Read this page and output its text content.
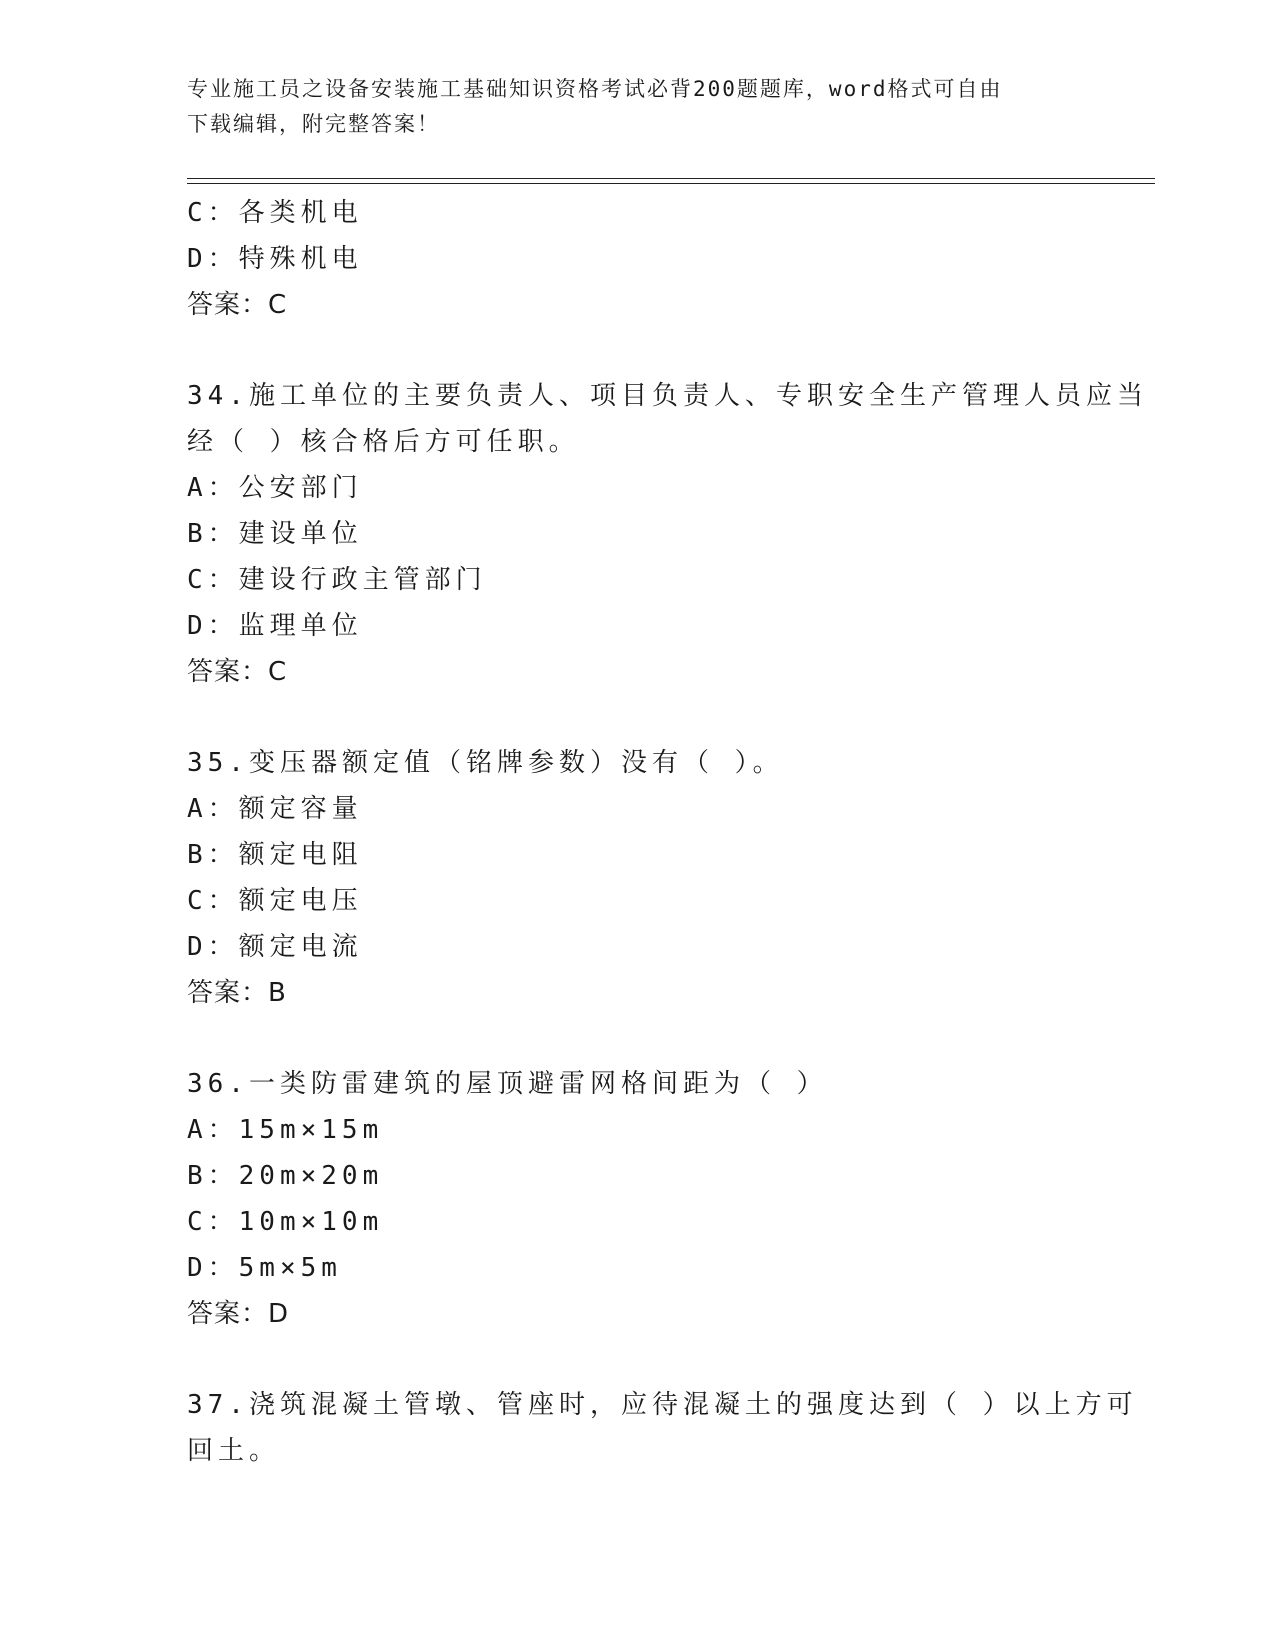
专业施工员之设备安装施工基础知识资格考试必背200题题库，word格式可自由
下载编辑，附完整答案！
C：各类机电
D：特殊机电
答案：C
34.施工单位的主要负责人、项目负责人、专职安全生产管理人员应当
经（ ）核合格后方可任职。
A：公安部门
B：建设单位
C：建设行政主管部门
D：监理单位
答案：C
35.变压器额定值（铭牌参数）没有（ ）。
A：额定容量
B：额定电阻
C：额定电压
D：额定电流
答案：B
36.一类防雷建筑的屋顶避雷网格间距为（ ）
A：15m×15m
B：20m×20m
C：10m×10m
D：5m×5m
答案：D
37.浇筑混凝土管墩、管座时，应待混凝土的强度达到（ ）以上方可
回土。
